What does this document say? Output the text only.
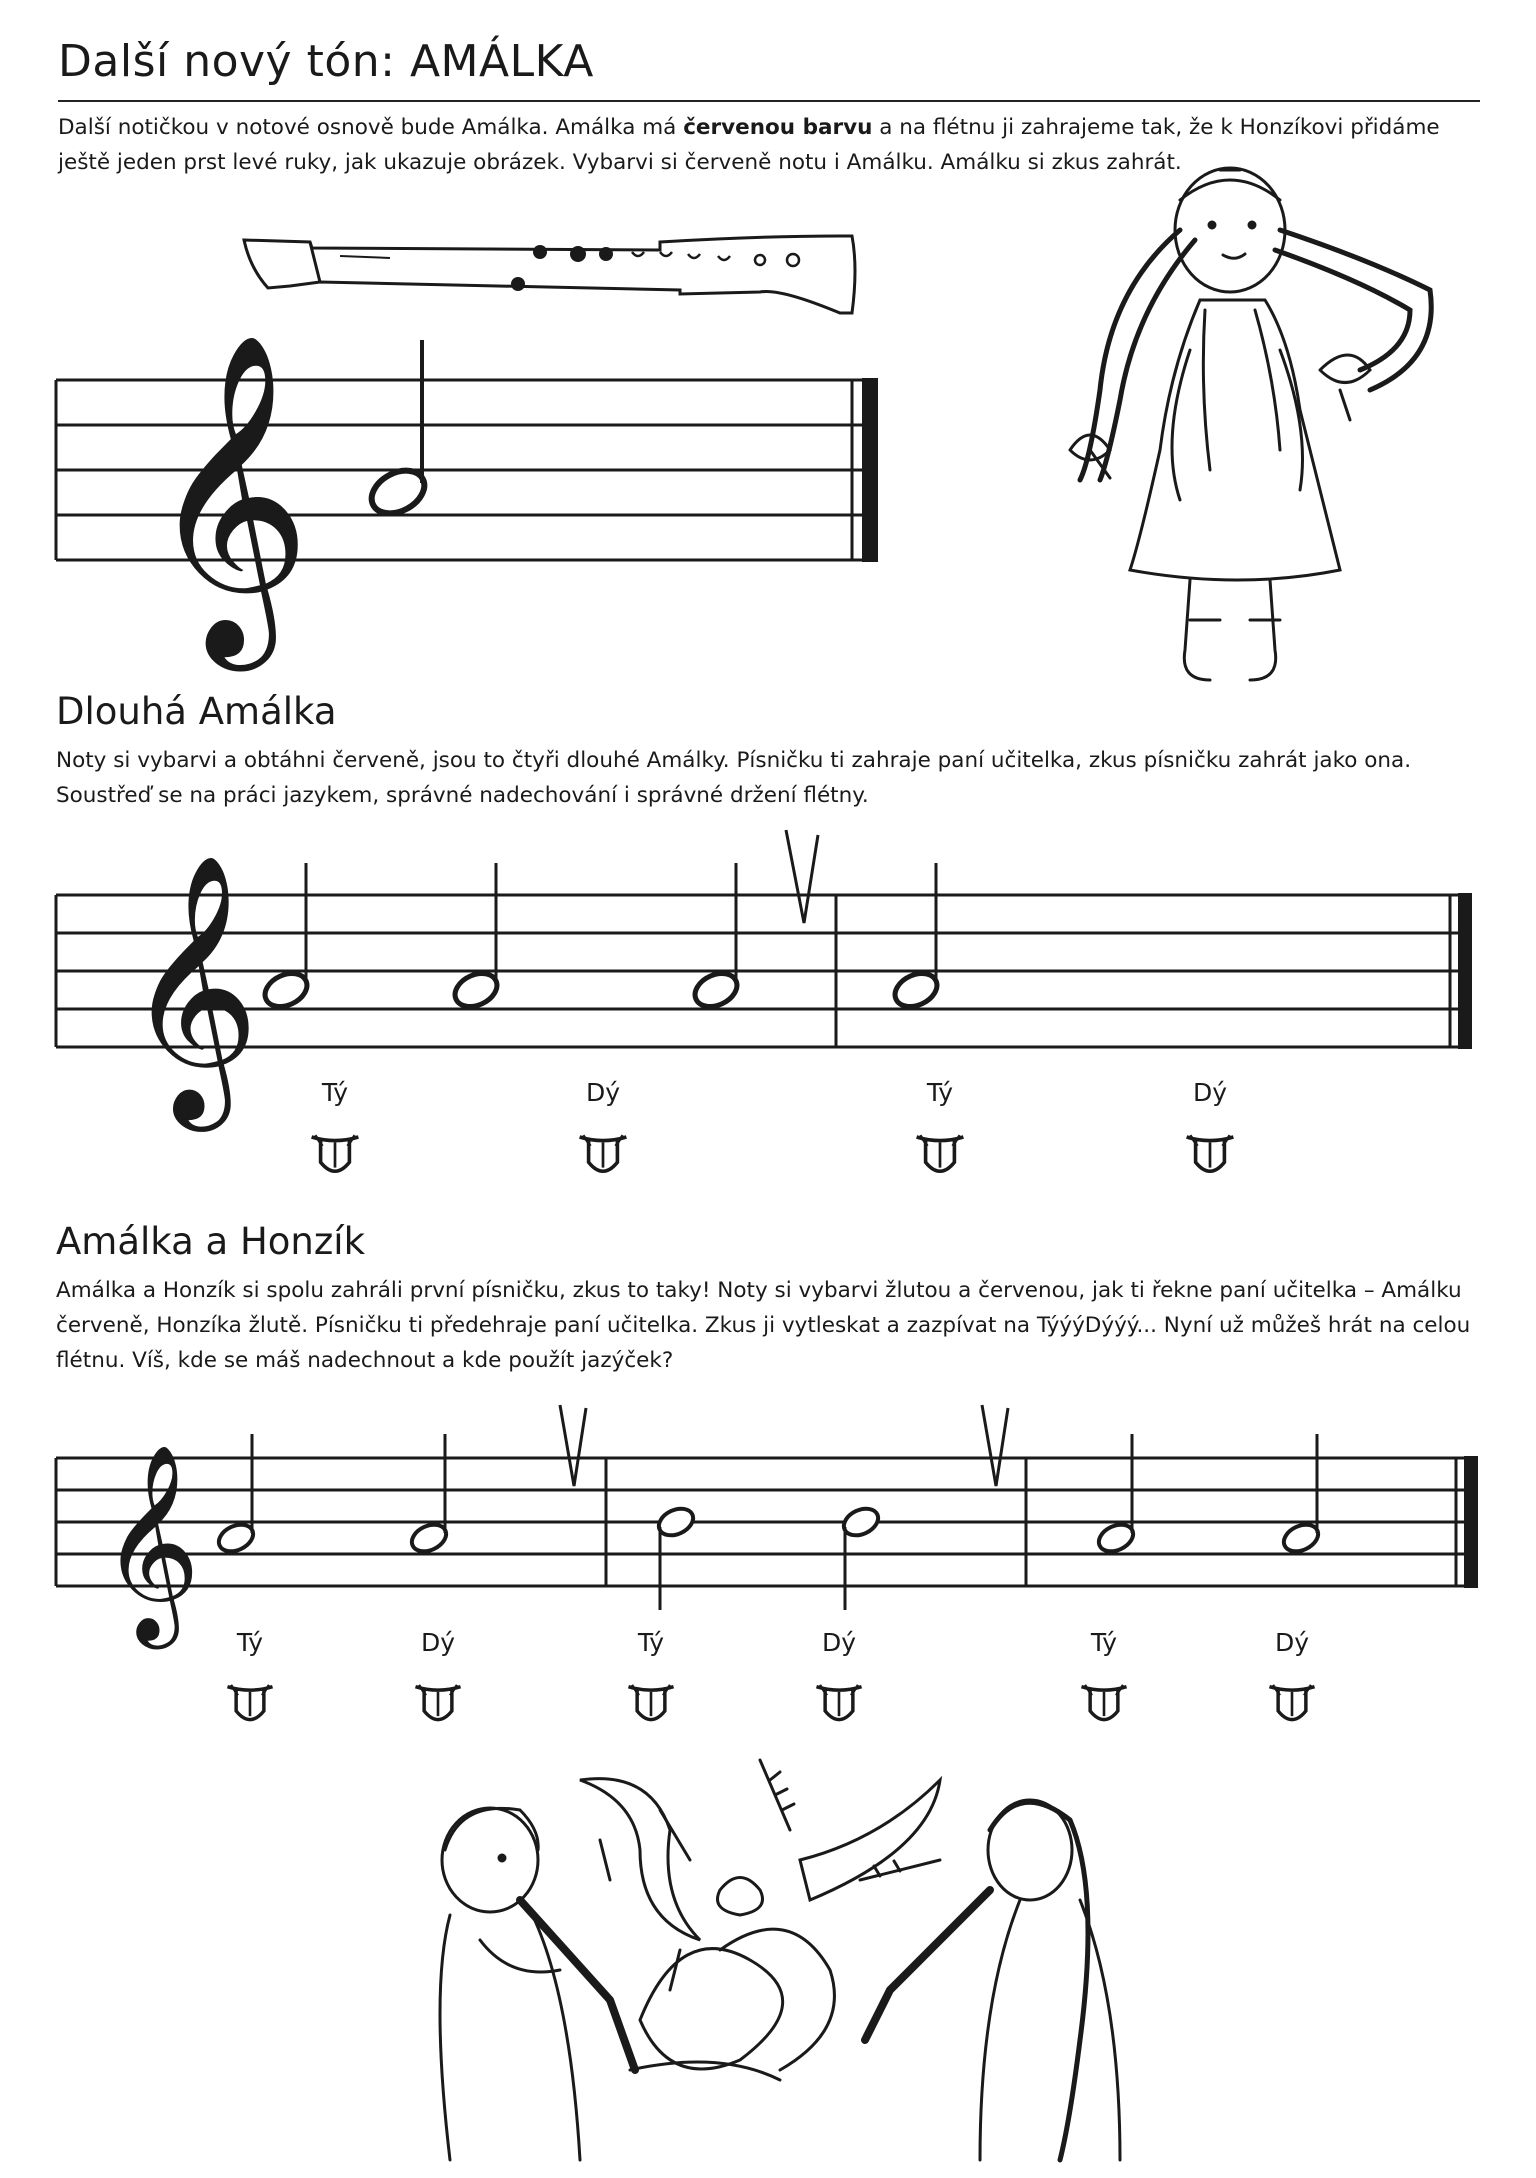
Další nový tón: AMÁLKA
Další notičkou v notové osnově bude Amálka. Amálka má červenou barvu a na flétnu ji zahrajeme tak, že k Honzíkovi přidáme ještě jeden prst levé ruky, jak ukazuje obrázek. Vybarvi si červeně notu i Amálku. Amálku si zkus zahrát.
𝄞
Dlouhá Amálka
Noty si vybarvi a obtáhni červeně, jsou to čtyři dlouhé Amálky. Písničku ti zahraje paní učitelka, zkus písničku zahrát jako ona. Soustřeď se na práci jazykem, správné nadechování i správné držení flétny.
𝄞	Tý	Dý	Tý	Dý
Amálka a Honzík
Amálka a Honzík si spolu zahráli první písničku, zkus to taky! Noty si vybarvi žlutou a červenou, jak ti řekne paní učitelka – Amálku červeně, Honzíka žlutě. Písničku ti předehraje paní učitelka. Zkus ji vytleskat a zazpívat na TýýýDýýý... Nyní už můžeš hrát na celou flétnu. Víš, kde se máš nadechnout a kde použít jazýček?
𝄞
Tý	Dý	Tý	Dý	Tý	Dý
